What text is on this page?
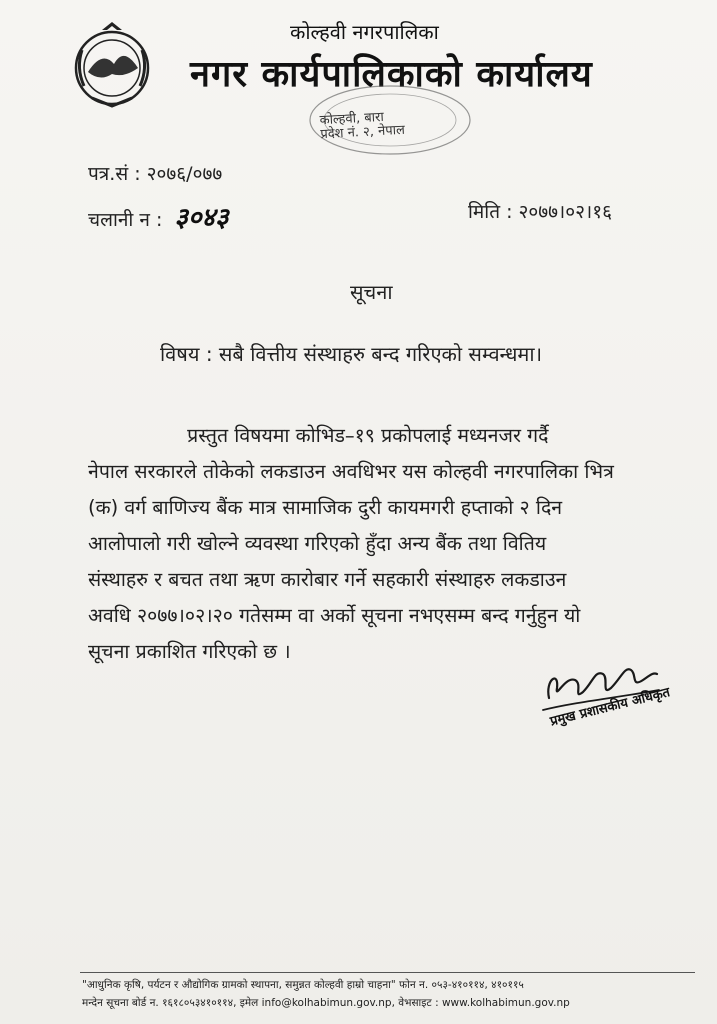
कोल्हवी नगरपालिका
नगर कार्यपालिकाको कार्यालय
कोल्हवी, बारा
प्रदेश नं. २, नेपाल
पत्र.सं : २०७६/०७७
चलानी न : ३०४३	मिति : २०७७।०२।१६
सूचना
विषय : सबै वित्तीय संस्थाहरु बन्द गरिएको सम्वन्धमा।
प्रस्तुत विषयमा कोभिड–१९ प्रकोपलाई मध्यनजर गर्दै
नेपाल सरकारले तोकेको लकडाउन अवधिभर यस कोल्हवी नगरपालिका भित्र
(क) वर्ग बाणिज्य बैंक मात्र सामाजिक दुरी कायमगरी हप्ताको २ दिन
आलोपालो गरी खोल्ने व्यवस्था गरिएको हुँदा अन्य बैंक तथा वितिय
संस्थाहरु र बचत तथा ऋण कारोबार गर्ने सहकारी संस्थाहरु लकडाउन
अवधि २०७७।०२।२० गतेसम्म वा अर्को सूचना नभएसम्म बन्द गर्नुहुन यो
सूचना प्रकाशित गरिएको छ ।
प्रमुख प्रशासकीय अधिकृत
"आधुनिक कृषि, पर्यटन र औद्योगिक ग्रामको स्थापना, समुन्नत कोल्हवी हाम्रो चाहना" फोन न. ०५३-४१०११४, ४१०११५
मन्देन सूचना बोर्ड न. १६१८०५३४१०११४, इमेल info@kolhabimun.gov.np, वेभसाइट : www.kolhabimun.gov.np
